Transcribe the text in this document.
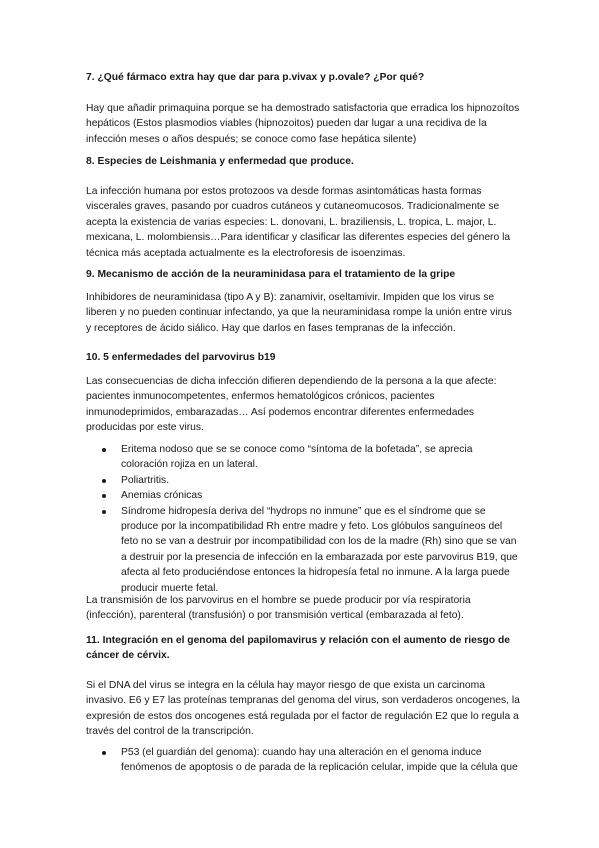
7. ¿Qué fármaco extra hay que dar para p.vivax y p.ovale? ¿Por qué?
Hay que añadir primaquina porque se ha demostrado satisfactoria que erradica los hipnozoítos
hepáticos (Estos plasmodios viables (hipnozoitos) pueden dar lugar a una recidiva de la
infección meses o años después; se conoce como fase hepática silente)
8. Especies de Leishmania y enfermedad que produce.
La infección humana por estos protozoos va desde formas asintomáticas hasta formas
viscerales graves, pasando por cuadros cutáneos y cutaneomucosos. Tradicionalmente se
acepta la existencia de varias especies: L. donovani, L. braziliensis, L. tropica, L. major, L.
mexicana, L. molombiensis…Para identificar y clasificar las diferentes especies del género la
técnica más aceptada actualmente es la electroforesis de isoenzimas.
9. Mecanismo de acción de la neuraminidasa para el tratamiento de la gripe
Inhibidores de neuraminidasa (tipo A y B): zanamivir, oseltamivir. Impiden que los virus se
liberen y no pueden continuar infectando, ya que la neuraminidasa rompe la unión entre virus
y receptores de ácido siálico. Hay que darlos en fases tempranas de la infección.
10. 5 enfermedades del parvovirus b19
Las consecuencias de dicha infección difieren dependiendo de la persona a la que afecte:
pacientes inmunocompetentes, enfermos hematológicos crónicos, pacientes
inmunodeprimidos, embarazadas… Así podemos encontrar diferentes enfermedades
producidas por este virus.
Eritema nodoso que se se conoce como “síntoma de la bofetada”, se aprecia
coloración rojiza en un lateral.
Poliartritis.
Anemias crónicas
Síndrome hidropesía deriva del “hydrops no inmune” que es el síndrome que se
produce por la incompatibilidad Rh entre madre y feto. Los glóbulos sanguíneos del
feto no se van a destruir por incompatibilidad con los de la madre (Rh) sino que se van
a destruir por la presencia de infección en la embarazada por este parvovirus B19, que
afecta al feto produciéndose entonces la hidropesía fetal no inmune. A la larga puede
producir muerte fetal.
La transmisión de los parvovirus en el hombre se puede producir por vía respiratoria
(infección), parenteral (transfusión) o por transmisión vertical (embarazada al feto).
11. Integración en el genoma del papilomavirus y relación con el aumento de riesgo de
cáncer de cérvix.
Si el DNA del virus se integra en la célula hay mayor riesgo de que exista un carcinoma
invasivo. E6 y E7 las proteínas tempranas del genoma del virus, son verdaderos oncogenes, la
expresión de estos dos oncogenes está regulada por el factor de regulación E2 que lo regula a
través del control de la transcripción.
P53 (el guardián del genoma): cuando hay una alteración en el genoma induce
fenómenos de apoptosis o de parada de la replicación celular, impide que la célula que
